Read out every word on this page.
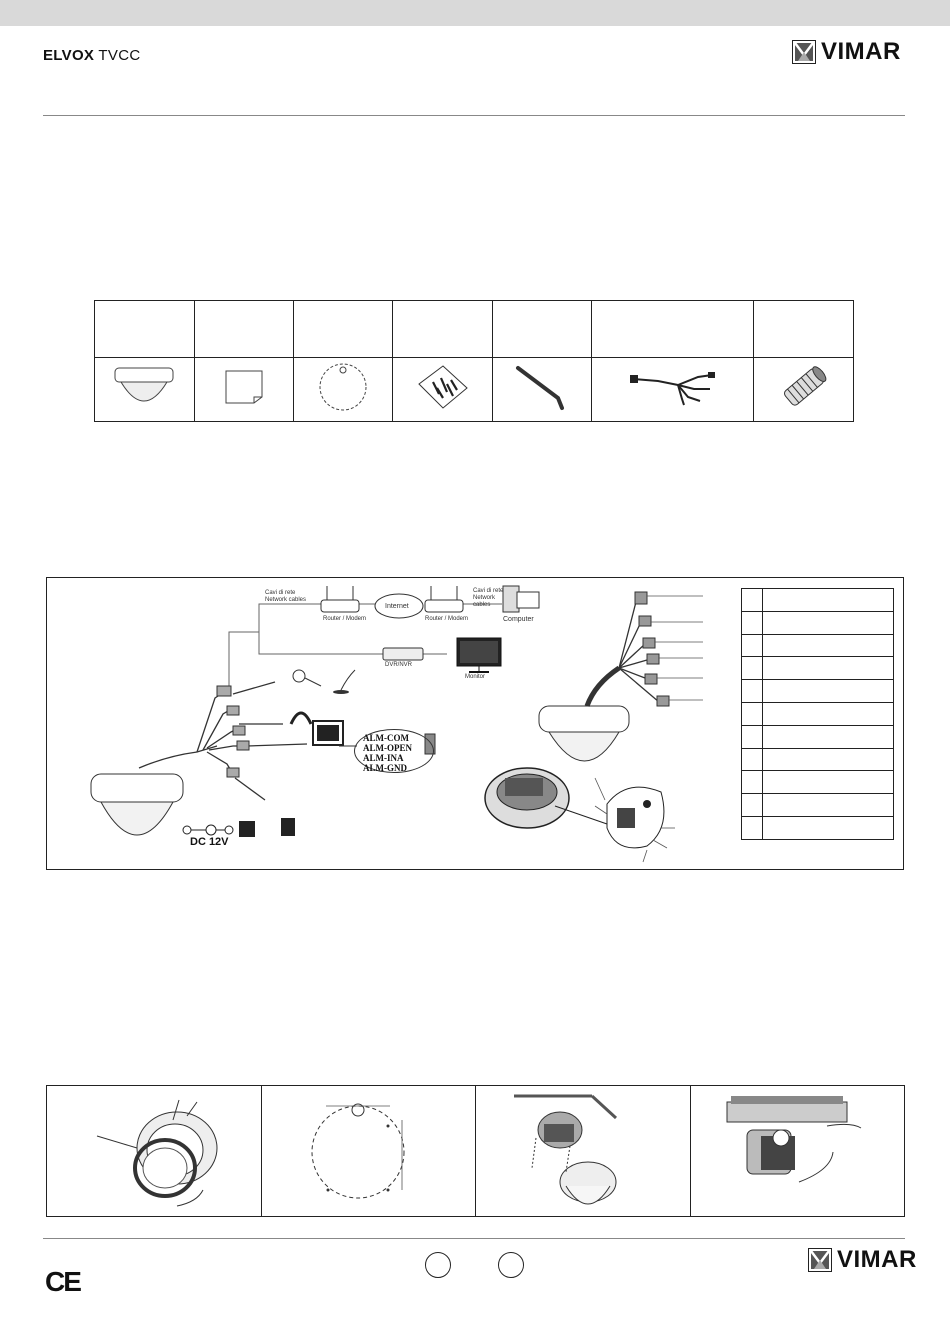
ELVOX TVCC	VIMAR

Cavi di rete
Network cables
Router / Modem
Internet
Router / Modem
Cavi di rete
Network
cables
Computer
DVR/NVR
Monitor
ALM-COM
ALM-OPEN
ALM-INA
ALM-GND
DC 12V

CE
VIMAR
